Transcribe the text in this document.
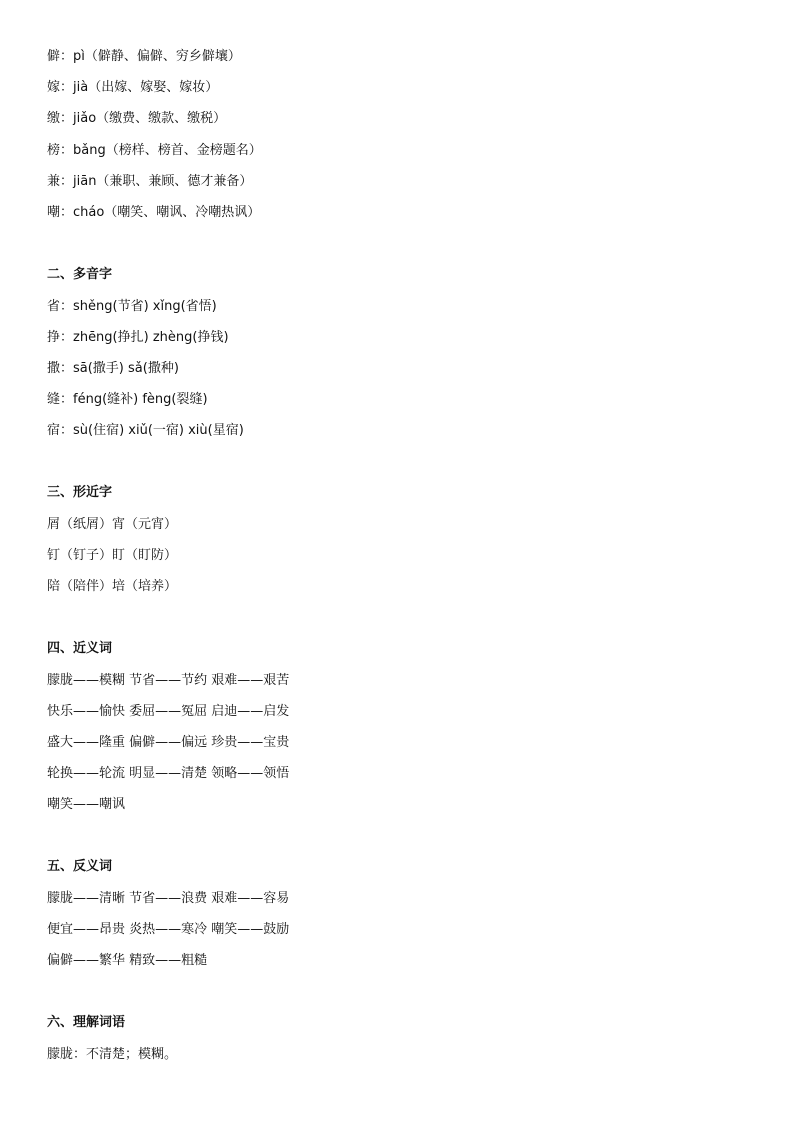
僻：pì（僻静、偏僻、穷乡僻壤）
嫁：jià（出嫁、嫁娶、嫁妆）
缴：jiǎo（缴费、缴款、缴税）
榜：bǎng（榜样、榜首、金榜题名）
兼：jiān（兼职、兼顾、德才兼备）
嘲：cháo（嘲笑、嘲讽、冷嘲热讽）
二、多音字
省：shěng(节省) xǐng(省悟)
挣：zhēng(挣扎) zhèng(挣钱)
撒：sā(撒手) sǎ(撒种)
缝：féng(缝补) fèng(裂缝)
宿：sù(住宿) xiǔ(一宿) xiù(星宿)
三、形近字
屑（纸屑）宵（元宵）
钉（钉子）盯（盯防）
陪（陪伴）培（培养）
四、近义词
朦胧——模糊 节省——节约 艰难——艰苦
快乐——愉快 委屈——冤屈 启迪——启发
盛大——隆重 偏僻——偏远 珍贵——宝贵
轮换——轮流 明显——清楚 领略——领悟
嘲笑——嘲讽
五、反义词
朦胧——清晰 节省——浪费 艰难——容易
便宜——昂贵 炎热——寒冷 嘲笑——鼓励
偏僻——繁华 精致——粗糙
六、理解词语
朦胧：不清楚；模糊。
